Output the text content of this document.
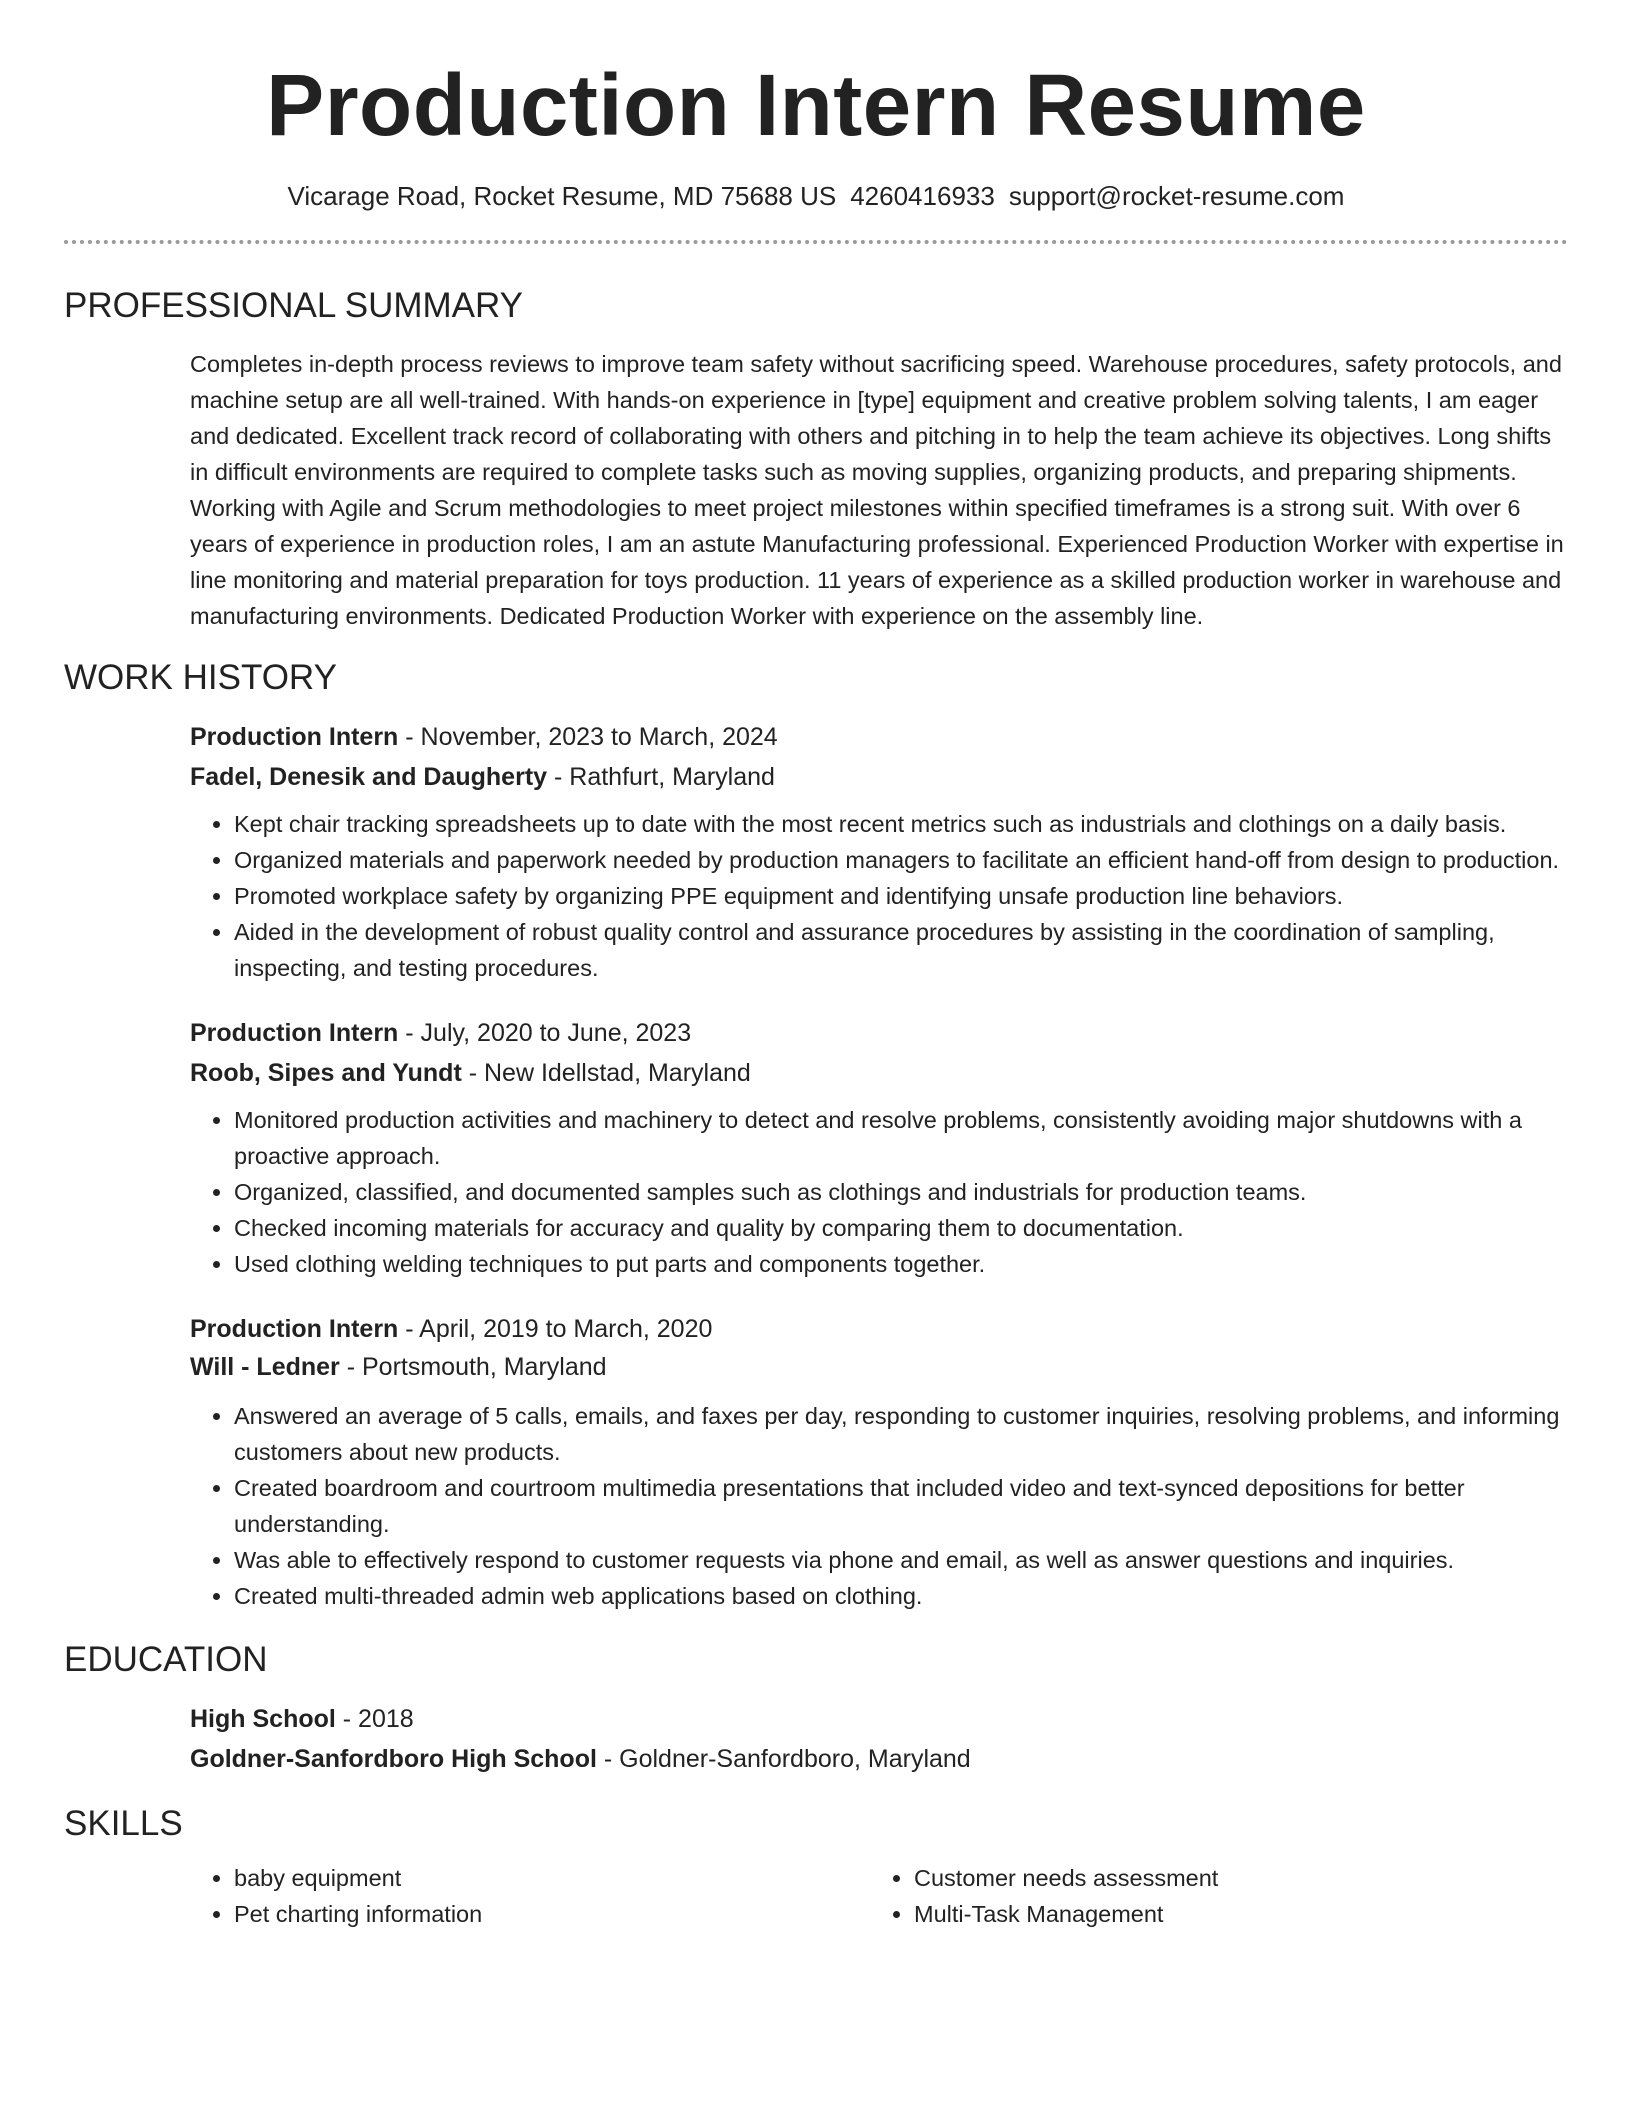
Production Intern Resume
Vicarage Road, Rocket Resume, MD 75688 US 4260416933 support@rocket-resume.com
PROFESSIONAL SUMMARY

Completes in-depth process reviews to improve team safety without sacrificing speed. Warehouse procedures, safety protocols, and machine setup are all well-trained. With hands-on experience in [type] equipment and creative problem solving talents, I am eager and dedicated. Excellent track record of collaborating with others and pitching in to help the team achieve its objectives. Long shifts in difficult environments are required to complete tasks such as moving supplies, organizing products, and preparing shipments. Working with Agile and Scrum methodologies to meet project milestones within specified timeframes is a strong suit. With over 6 years of experience in production roles, I am an astute Manufacturing professional. Experienced Production Worker with expertise in line monitoring and material preparation for toys production. 11 years of experience as a skilled production worker in warehouse and manufacturing environments. Dedicated Production Worker with experience on the assembly line.

WORK HISTORY

Production Intern - November, 2023 to March, 2024

Fadel, Denesik and Daugherty - Rathfurt, Maryland

• Kept chair tracking spreadsheets up to date with the most recent metrics such as industrials and clothings on a daily basis.
• Organized materials and paperwork needed by production managers to facilitate an efficient hand-off from design to production.
• Promoted workplace safety by organizing PPE equipment and identifying unsafe production line behaviors.
• Aided in the development of robust quality control and assurance procedures by assisting in the coordination of sampling, inspecting, and testing procedures.

Production Intern - July, 2020 to June, 2023

Roob, Sipes and Yundt - New Idellstad, Maryland

• Monitored production activities and machinery to detect and resolve problems, consistently avoiding major shutdowns with a proactive approach.
• Organized, classified, and documented samples such as clothings and industrials for production teams.
• Checked incoming materials for accuracy and quality by comparing them to documentation.
• Used clothing welding techniques to put parts and components together.

Production Intern - April, 2019 to March, 2020

Will - Ledner - Portsmouth, Maryland

• Answered an average of 5 calls, emails, and faxes per day, responding to customer inquiries, resolving problems, and informing customers about new products.
• Created boardroom and courtroom multimedia presentations that included video and text-synced depositions for better understanding.
• Was able to effectively respond to customer requests via phone and email, as well as answer questions and inquiries.
• Created multi-threaded admin web applications based on clothing.
EDUCATION

High School - 2018

Goldner-Sanfordboro High School - Goldner-Sanfordboro, Maryland

SKILLS
• baby equipment
• Pet charting information
• Customer needs assessment
• Multi-Task Management
